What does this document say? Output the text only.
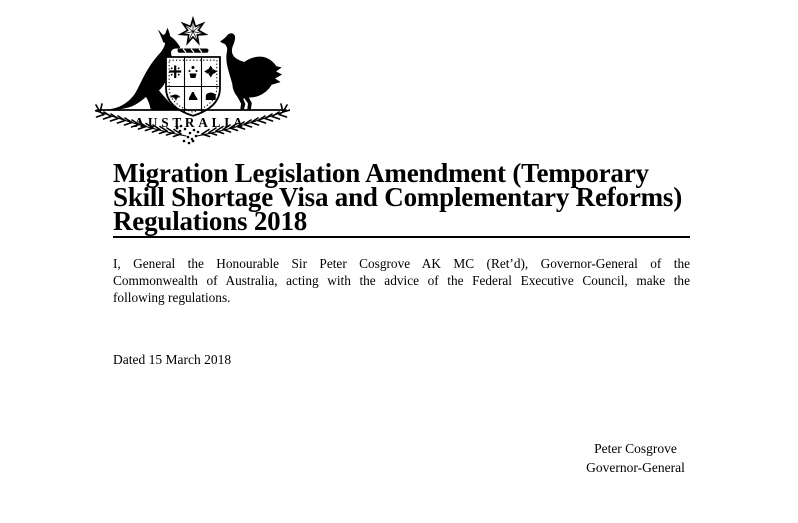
AUSTRALIA
Migration Legislation Amendment (Temporary
Skill Shortage Visa and Complementary Reforms)
Regulations 2018
I, General the Honourable Sir Peter Cosgrove AK MC (Ret’d), Governor-General of the
Commonwealth of Australia, acting with the advice of the Federal Executive Council, make the
following regulations.
Dated 15 March 2018
Peter Cosgrove
Governor-General
